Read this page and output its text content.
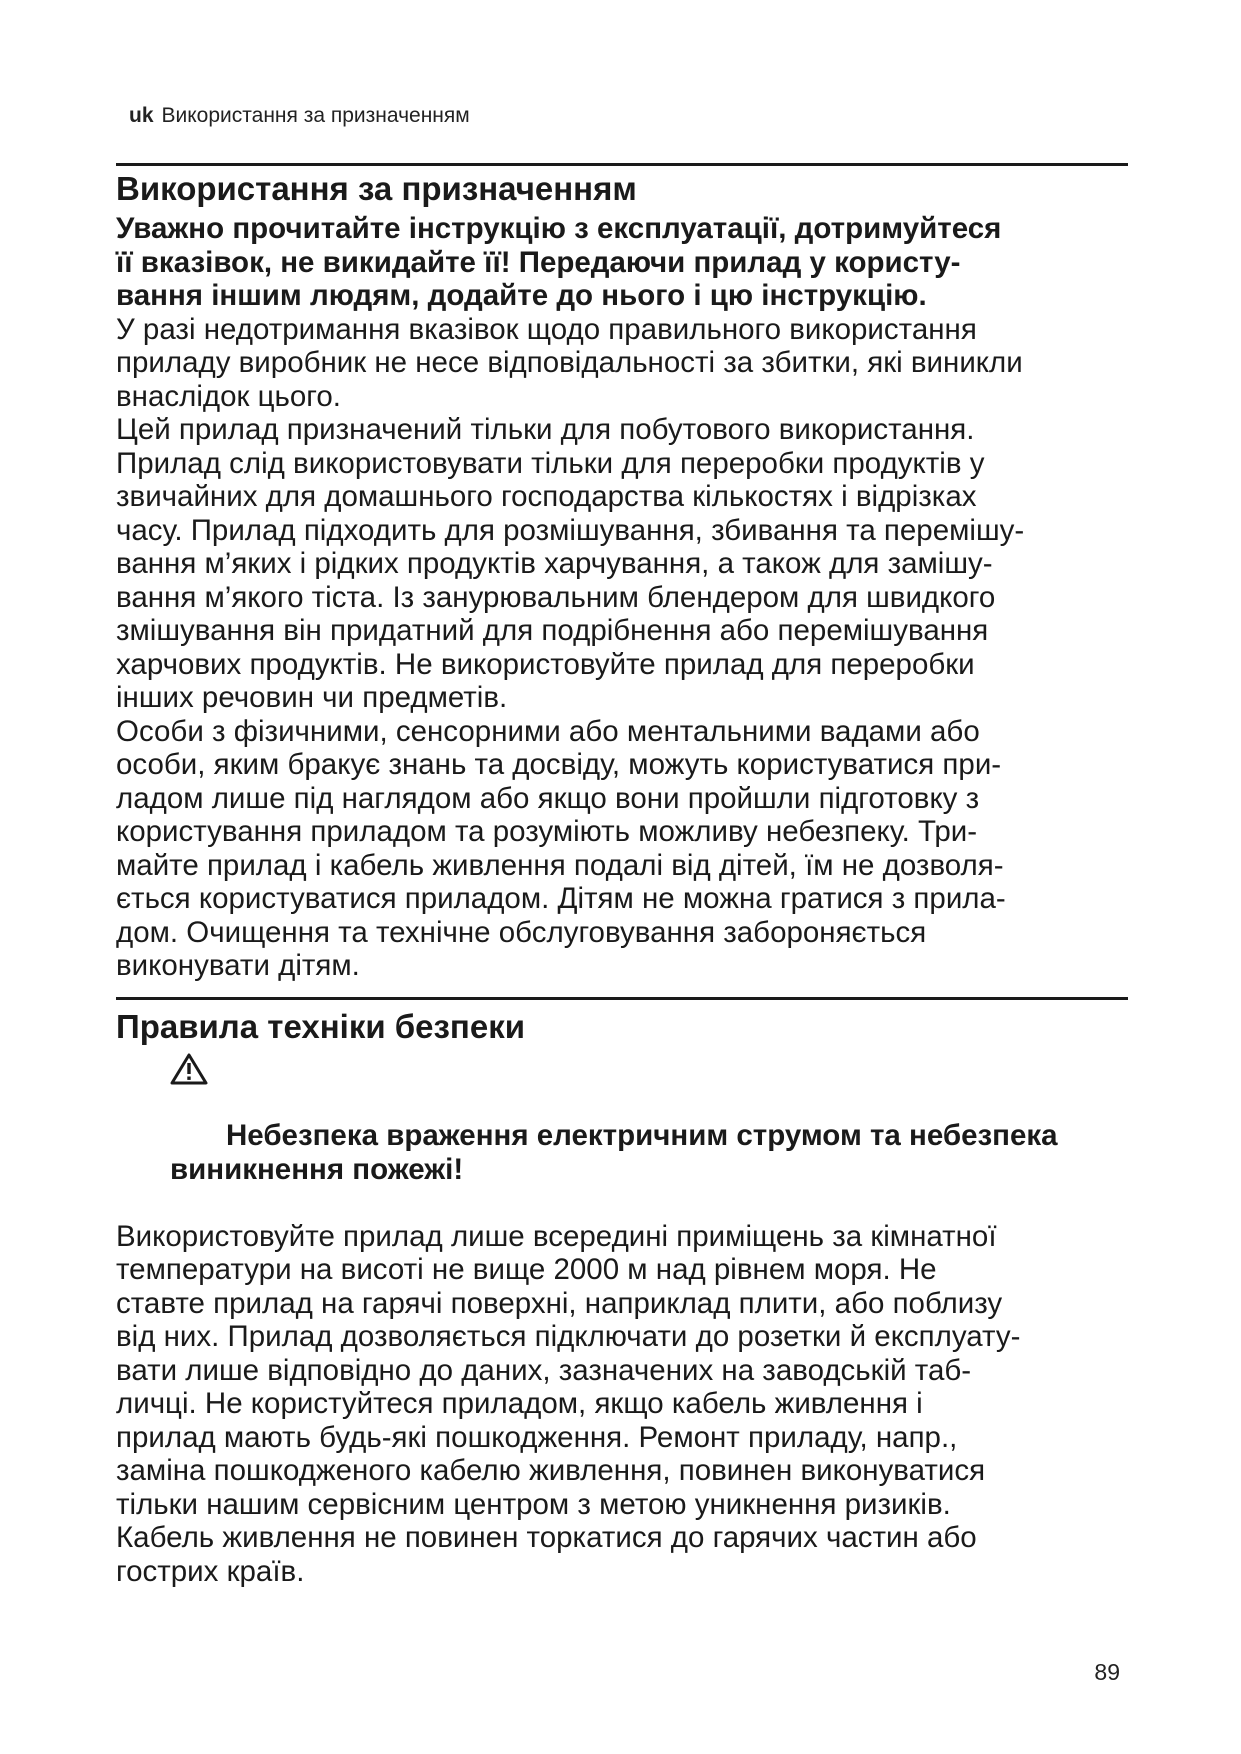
uk Використання за призначенням
Використання за призначенням

Уважно прочитайте інструкцію з експлуатації, дотримуйтеся
її вказівок, не викидайте її! Передаючи прилад у користу-
вання іншим людям, додайте до нього і цю інструкцію.

У разі недотримання вказівок щодо правильного використання
приладу виробник не несе відповідальності за збитки, які виникли
внаслідок цього.

Цей прилад призначений тільки для побутового використання.
Прилад слід використовувати тільки для переробки продуктів у
звичайних для домашнього господарства кількостях і відрізках
часу. Прилад підходить для розмішування, збивання та перемішу-
вання м’яких і рідких продуктів харчування, а також для замішу-
вання м’якого тіста. Із занурювальним блендером для швидкого
змішування він придатний для подрібнення або перемішування
харчових продуктів. Не використовуйте прилад для переробки
інших речовин чи предметів.

Особи з фізичними, сенсорними або ментальними вадами або
особи, яким бракує знань та досвіду, можуть користуватися при-
ладом лише під наглядом або якщо вони пройшли підготовку з
користування приладом та розуміють можливу небезпеку. Три-
майте прилад і кабель живлення подалі від дітей, їм не дозволя-
ється користуватися приладом. Дітям не можна гратися з прила-
дом. Очищення та технічне обслуговування забороняється
виконувати дітям.

Правила техніки безпеки

Небезпека враження електричним струмом та небезпека
виникнення пожежі!

Використовуйте прилад лише всередині приміщень за кімнатної
температури на висоті не вище 2000 м над рівнем моря. Не
ставте прилад на гарячі поверхні, наприклад плити, або поблизу
від них. Прилад дозволяється підключати до розетки й експлуату-
вати лише відповідно до даних, зазначених на заводській таб-
личці. Не користуйтеся приладом, якщо кабель живлення і
прилад мають будь-які пошкодження. Ремонт приладу, напр.,
заміна пошкодженого кабелю живлення, повинен виконуватися
тільки нашим сервісним центром з метою уникнення ризиків.
Кабель живлення не повинен торкатися до гарячих частин або
гострих країв.

89
